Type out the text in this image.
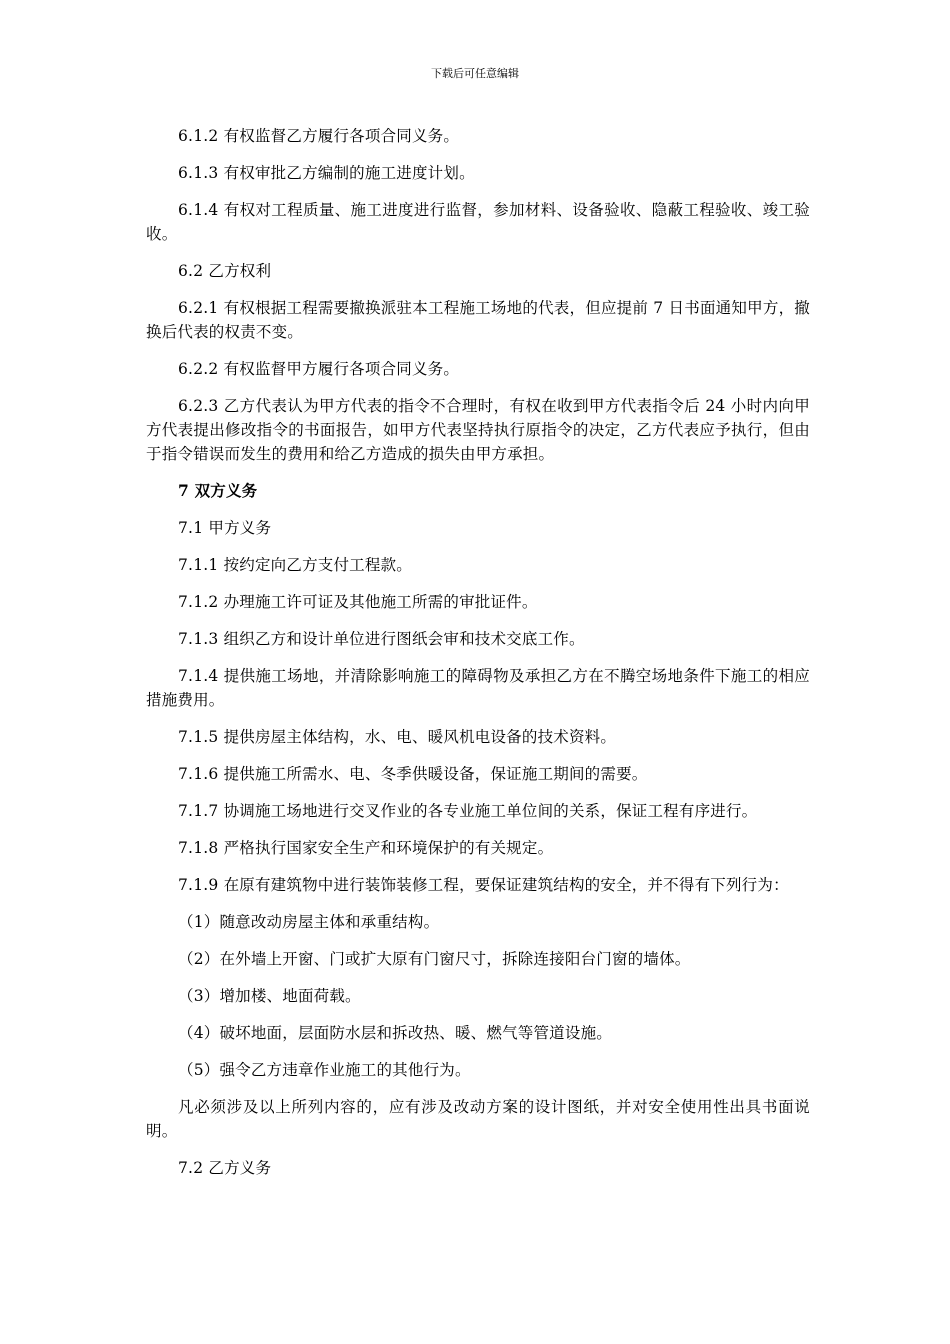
下载后可任意编辑

6.1.2 有权监督乙方履行各项合同义务。

6.1.3 有权审批乙方编制的施工进度计划。

6.1.4 有权对工程质量、施工进度进行监督，参加材料、设备验收、隐蔽工程验收、竣工验收。

6.2 乙方权利

6.2.1 有权根据工程需要撤换派驻本工程施工场地的代表，但应提前 7 日书面通知甲方，撤换后代表的权责不变。

6.2.2 有权监督甲方履行各项合同义务。

6.2.3 乙方代表认为甲方代表的指令不合理时，有权在收到甲方代表指令后 24 小时内向甲方代表提出修改指令的书面报告，如甲方代表坚持执行原指令的决定，乙方代表应予执行，但由于指令错误而发生的费用和给乙方造成的损失由甲方承担。

7 双方义务

7.1 甲方义务

7.1.1 按约定向乙方支付工程款。

7.1.2 办理施工许可证及其他施工所需的审批证件。

7.1.3 组织乙方和设计单位进行图纸会审和技术交底工作。

7.1.4 提供施工场地，并清除影响施工的障碍物及承担乙方在不腾空场地条件下施工的相应措施费用。

7.1.5 提供房屋主体结构，水、电、暖风机电设备的技术资料。

7.1.6 提供施工所需水、电、冬季供暖设备，保证施工期间的需要。

7.1.7 协调施工场地进行交叉作业的各专业施工单位间的关系，保证工程有序进行。

7.1.8 严格执行国家安全生产和环境保护的有关规定。

7.1.9 在原有建筑物中进行装饰装修工程，要保证建筑结构的安全，并不得有下列行为：

（1）随意改动房屋主体和承重结构。

（2）在外墙上开窗、门或扩大原有门窗尺寸，拆除连接阳台门窗的墙体。

（3）增加楼、地面荷载。

（4）破坏地面，层面防水层和拆改热、暖、燃气等管道设施。

（5）强令乙方违章作业施工的其他行为。

凡必须涉及以上所列内容的，应有涉及改动方案的设计图纸，并对安全使用性出具书面说明。

7.2 乙方义务
